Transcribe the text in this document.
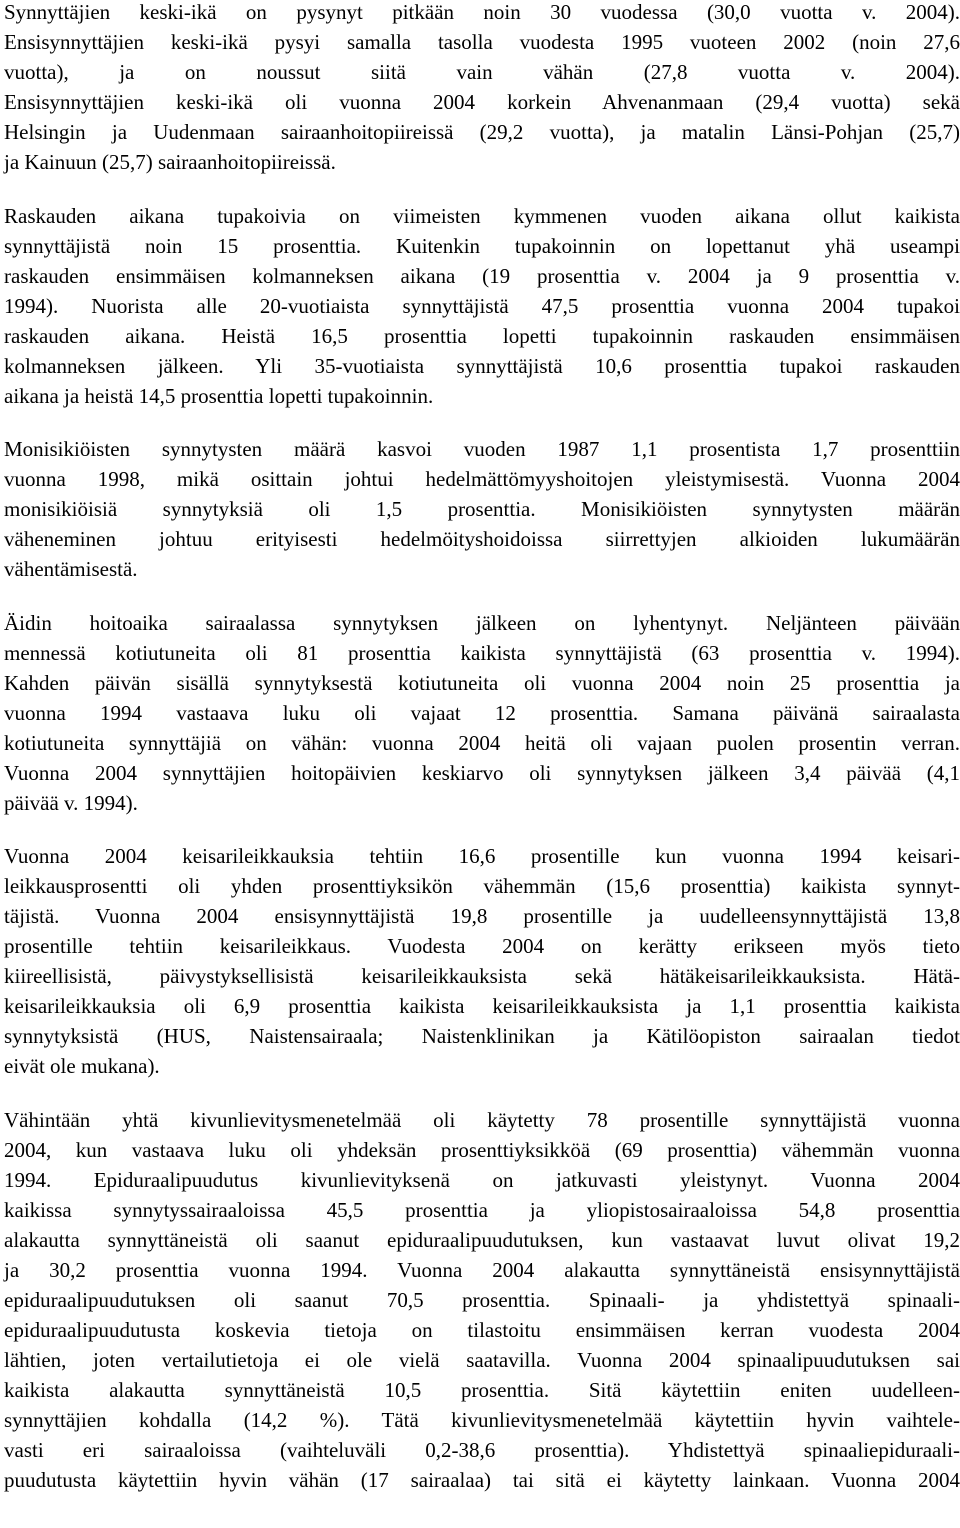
Synnyttäjien keski-ikä on pysynyt pitkään noin 30 vuodessa (30,0 vuotta v. 2004).
Ensisynnyttäjien keski-ikä pysyi samalla tasolla vuodesta 1995 vuoteen 2002 (noin 27,6
vuotta), ja on noussut siitä vain vähän (27,8 vuotta v. 2004).
Ensisynnyttäjien keski-ikä oli vuonna 2004 korkein Ahvenanmaan (29,4 vuotta) sekä
Helsingin ja Uudenmaan sairaanhoitopiireissä (29,2 vuotta), ja matalin Länsi-Pohjan (25,7)
ja Kainuun (25,7) sairaanhoitopiireissä.
Raskauden aikana tupakoivia on viimeisten kymmenen vuoden aikana ollut kaikista
synnyttäjistä noin 15 prosenttia. Kuitenkin tupakoinnin on lopettanut yhä useampi
raskauden ensimmäisen kolmanneksen aikana (19 prosenttia v. 2004 ja 9 prosenttia v.
1994). Nuorista alle 20-vuotiaista synnyttäjistä 47,5 prosenttia vuonna 2004 tupakoi
raskauden aikana. Heistä 16,5 prosenttia lopetti tupakoinnin raskauden ensimmäisen
kolmanneksen jälkeen. Yli 35-vuotiaista synnyttäjistä 10,6 prosenttia tupakoi raskauden
aikana ja heistä 14,5 prosenttia lopetti tupakoinnin.
Monisikiöisten synnytysten määrä kasvoi vuoden 1987 1,1 prosentista 1,7 prosenttiin
vuonna 1998, mikä osittain johtui hedelmättömyyshoitojen yleistymisestä. Vuonna 2004
monisikiöisiä synnytyksiä oli 1,5 prosenttia. Monisikiöisten synnytysten määrän
väheneminen johtuu erityisesti hedelmöityshoidoissa siirrettyjen alkioiden lukumäärän
vähentämisestä.
Äidin hoitoaika sairaalassa synnytyksen jälkeen on lyhentynyt. Neljänteen päivään
mennessä kotiutuneita oli 81 prosenttia kaikista synnyttäjistä (63 prosenttia v. 1994).
Kahden päivän sisällä synnytyksestä kotiutuneita oli vuonna 2004 noin 25 prosenttia ja
vuonna 1994 vastaava luku oli vajaat 12 prosenttia. Samana päivänä sairaalasta
kotiutuneita synnyttäjiä on vähän: vuonna 2004 heitä oli vajaan puolen prosentin verran.
Vuonna 2004 synnyttäjien hoitopäivien keskiarvo oli synnytyksen jälkeen 3,4 päivää (4,1
päivää v. 1994).
Vuonna 2004 keisarileikkauksia tehtiin 16,6 prosentille kun vuonna 1994 keisari-
leikkausprosentti oli yhden prosenttiyksikön vähemmän (15,6 prosenttia) kaikista synnyt-
täjistä. Vuonna 2004 ensisynnyttäjistä 19,8 prosentille ja uudelleensynnyttäjistä 13,8
prosentille tehtiin keisarileikkaus. Vuodesta 2004 on kerätty erikseen myös tieto
kiireellisistä, päivystyksellisistä keisarileikkauksista sekä hätäkeisarileikkauksista. Hätä-
keisarileikkauksia oli 6,9 prosenttia kaikista keisarileikkauksista ja 1,1 prosenttia kaikista
synnytyksistä (HUS, Naistensairaala; Naistenklinikan ja Kätilöopiston sairaalan tiedot
eivät ole mukana).
Vähintään yhtä kivunlievitysmenetelmää oli käytetty 78 prosentille synnyttäjistä vuonna
2004, kun vastaava luku oli yhdeksän prosenttiyksikköä (69 prosenttia) vähemmän vuonna
1994. Epiduraalipuudutus kivunlievityksenä on jatkuvasti yleistynyt. Vuonna 2004
kaikissa synnytyssairaaloissa 45,5 prosenttia ja yliopistosairaaloissa 54,8 prosenttia
alakautta synnyttäneistä oli saanut epiduraalipuudutuksen, kun vastaavat luvut olivat 19,2
ja 30,2 prosenttia vuonna 1994. Vuonna 2004 alakautta synnyttäneistä ensisynnyttäjistä
epiduraalipuudutuksen oli saanut 70,5 prosenttia. Spinaali- ja yhdistettyä spinaali-
epiduraalipuudutusta koskevia tietoja on tilastoitu ensimmäisen kerran vuodesta 2004
lähtien, joten vertailutietoja ei ole vielä saatavilla. Vuonna 2004 spinaalipuudutuksen sai
kaikista alakautta synnyttäneistä 10,5 prosenttia. Sitä käytettiin eniten uudelleen-
synnyttäjien kohdalla (14,2 %). Tätä kivunlievitysmenetelmää käytettiin hyvin vaihtele-
vasti eri sairaaloissa (vaihteluväli 0,2-38,6 prosenttia). Yhdistettyä spinaaliepiduraali-
puudutusta käytettiin hyvin vähän (17 sairaalaa) tai sitä ei käytetty lainkaan. Vuonna 2004
